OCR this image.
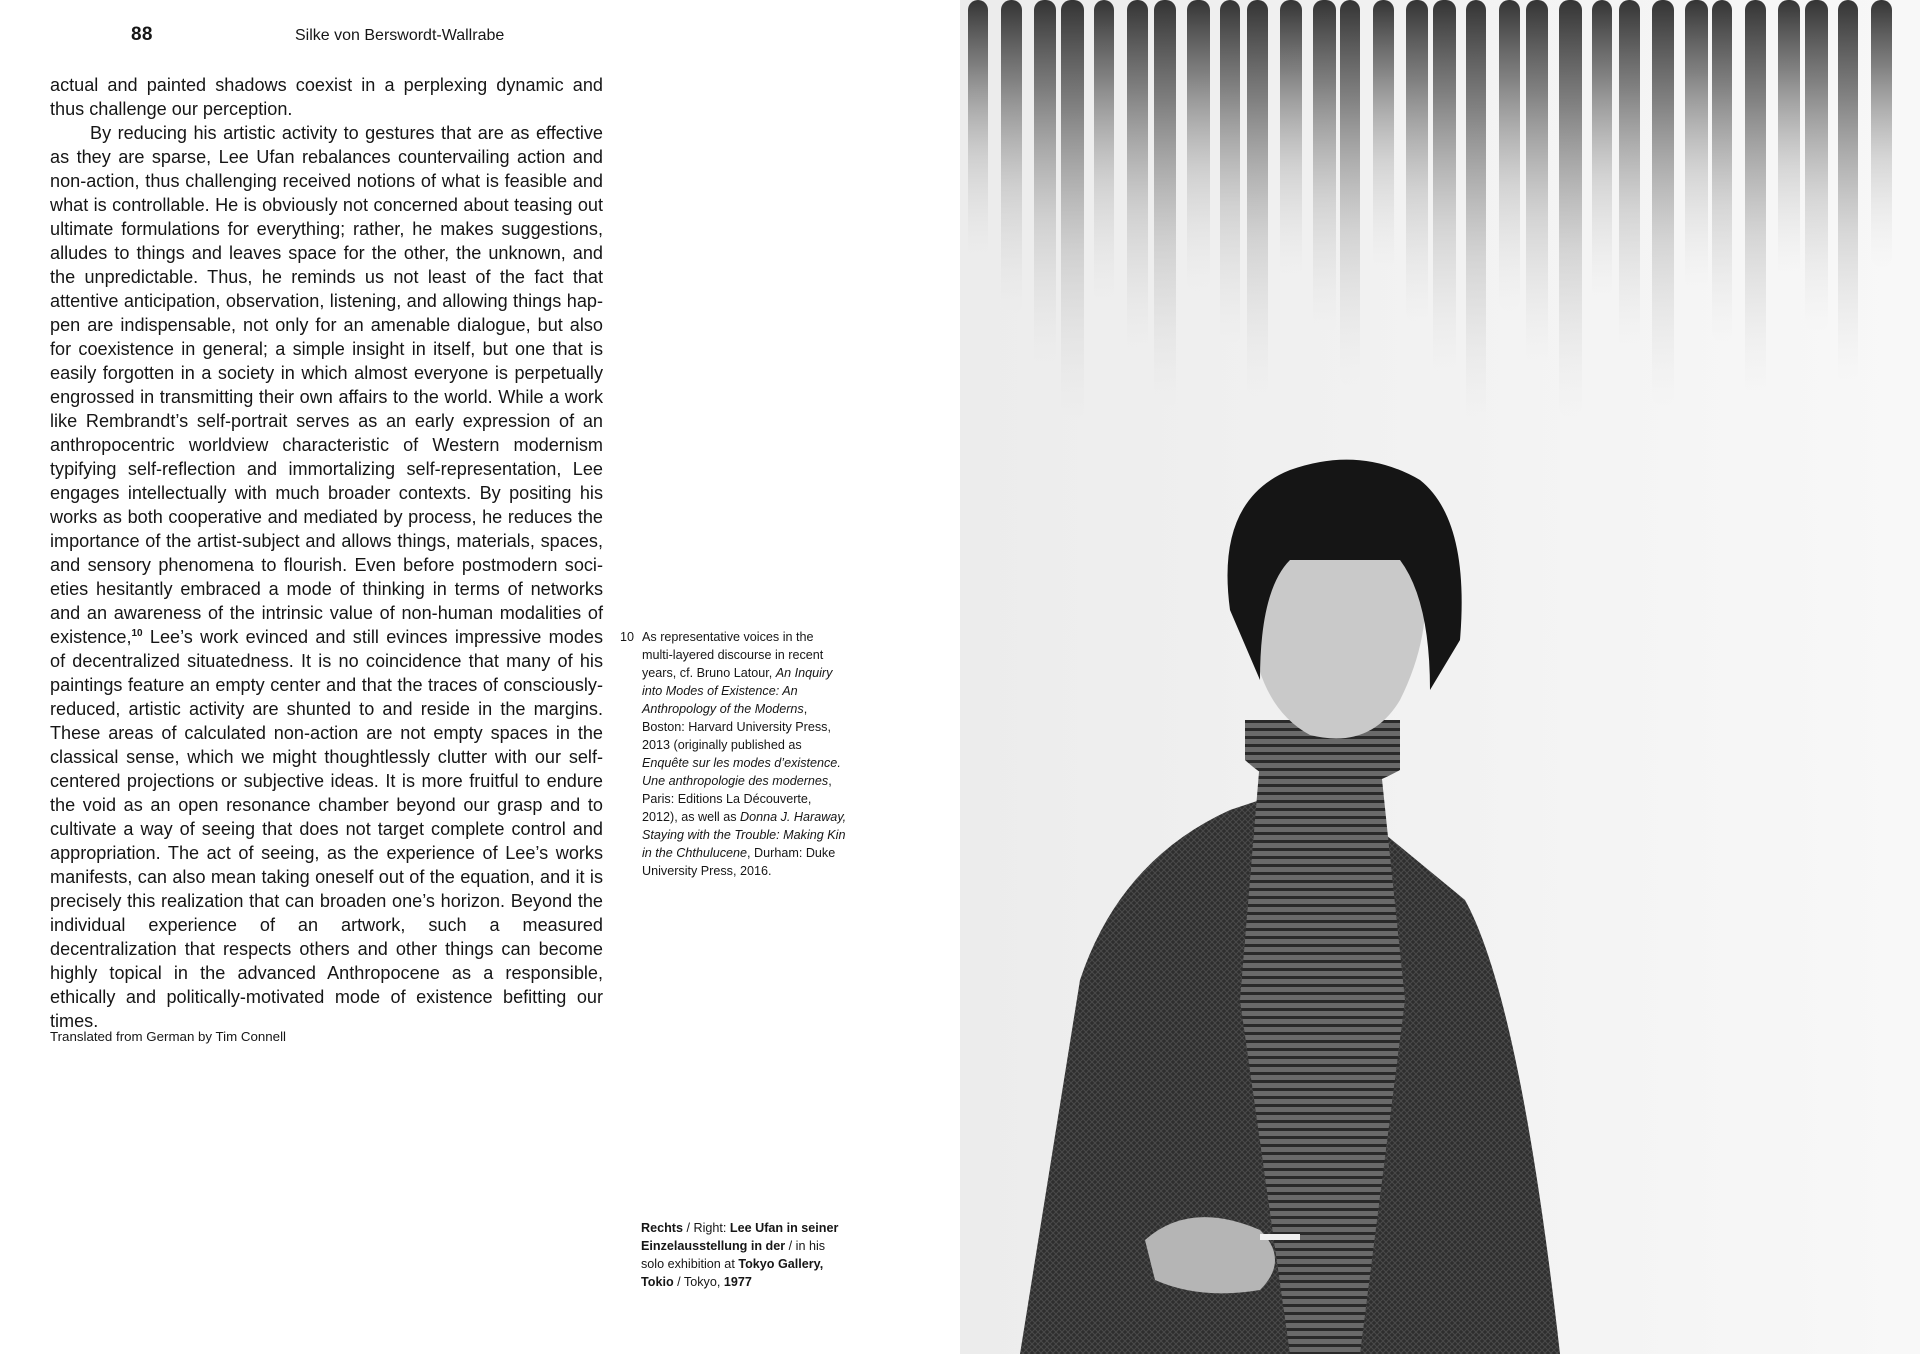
88	Silke von Berswordt-Wallrabe

actual and painted shadows coexist in a perplexing dynamic and thus challenge our perception.

By reducing his artistic activity to gestures that are as effective as they are sparse, Lee Ufan rebalances countervailing action and non-action, thus challenging received notions of what is feasible and what is controllable. He is obviously not concerned about teasing out ultimate formulations for everything; rather, he makes suggestions, alludes to things and leaves space for the other, the unknown, and the unpredictable. Thus, he reminds us not least of the fact that attentive anticipation, observation, listening, and allowing things happen are indispensable, not only for an amenable dialogue, but also for coexistence in general; a simple insight in itself, but one that is easily forgotten in a society in which almost everyone is perpetually engrossed in transmitting their own affairs to the world. While a work like Rembrandt’s self-portrait serves as an early expression of an anthropocentric worldview characteristic of Western modernism typifying self-reflection and immortalizing self-representation, Lee engages intellectually with much broader contexts. By positing his works as both cooperative and mediated by process, he reduces the importance of the artist-subject and allows things, materials, spaces, and sensory phenomena to flourish. Even before postmodern societies hesitantly embraced a mode of thinking in terms of networks and an awareness of the intrinsic value of non-human modalities of existence,$^{10}$ Lee’s work evinced and still evinces impressive modes of decentralized situatedness. It is no coincidence that many of his paintings feature an empty center and that the traces of consciously-reduced, artistic activity are shunted to and reside in the margins. These areas of calculated non-action are not empty spaces in the classical sense, which we might thoughtlessly clutter with our self-centered projections or subjective ideas. It is more fruitful to endure the void as an open resonance chamber beyond our grasp and to cultivate a way of seeing that does not target complete control and appropriation. The act of seeing, as the experience of Lee’s works manifests, can also mean taking oneself out of the equation, and it is precisely this realization that can broaden one’s horizon. Beyond the individual experience of an artwork, such a measured decentralization that respects others and other things can become highly topical in the advanced Anthropocene as a responsible, ethically and politically-motivated mode of existence befitting our times.

Translated from German by Tim Connell
10 As representative voices in the multi-layered discourse in recent years, cf. Bruno Latour, An Inquiry into Modes of Existence: An Anthropology of the Moderns, Boston: Harvard University Press, 2013 (originally published as Enquête sur les modes d’existence. Une anthropologie des modernes, Paris: Editions La Découverte, 2012), as well as Donna J. Haraway, Staying with the Trouble: Making Kin in the Chthulucene, Durham: Duke University Press, 2016.
Rechts / Right: Lee Ufan in seiner Einzelausstellung in der / in his solo exhibition at Tokyo Gallery, Tokio / Tokyo, 1977
